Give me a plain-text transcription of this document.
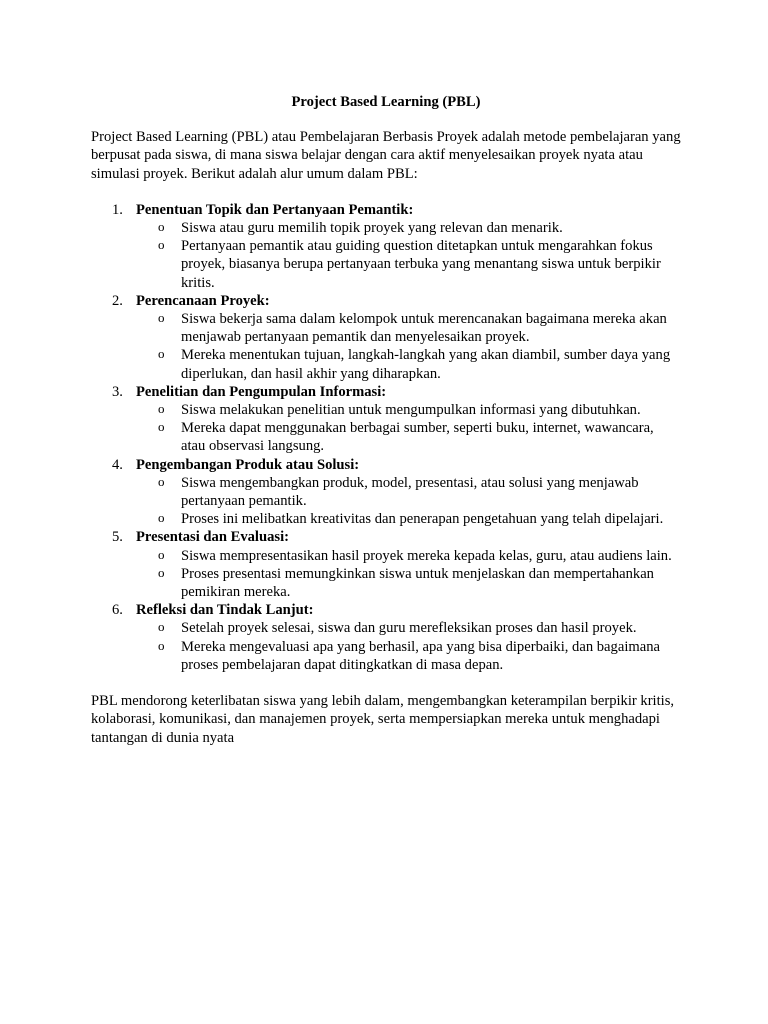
Project Based Learning (PBL)

Project Based Learning (PBL) atau Pembelajaran Berbasis Proyek adalah metode pembelajaran yang berpusat pada siswa, di mana siswa belajar dengan cara aktif menyelesaikan proyek nyata atau simulasi proyek. Berikut adalah alur umum dalam PBL:

1. Penentuan Topik dan Pertanyaan Pemantik:
o Siswa atau guru memilih topik proyek yang relevan dan menarik.
o Pertanyaan pemantik atau guiding question ditetapkan untuk mengarahkan fokus proyek, biasanya berupa pertanyaan terbuka yang menantang siswa untuk berpikir kritis.
2. Perencanaan Proyek:
o Siswa bekerja sama dalam kelompok untuk merencanakan bagaimana mereka akan menjawab pertanyaan pemantik dan menyelesaikan proyek.
o Mereka menentukan tujuan, langkah-langkah yang akan diambil, sumber daya yang diperlukan, dan hasil akhir yang diharapkan.
3. Penelitian dan Pengumpulan Informasi:
o Siswa melakukan penelitian untuk mengumpulkan informasi yang dibutuhkan.
o Mereka dapat menggunakan berbagai sumber, seperti buku, internet, wawancara, atau observasi langsung.
4. Pengembangan Produk atau Solusi:
o Siswa mengembangkan produk, model, presentasi, atau solusi yang menjawab pertanyaan pemantik.
o Proses ini melibatkan kreativitas dan penerapan pengetahuan yang telah dipelajari.
5. Presentasi dan Evaluasi:
o Siswa mempresentasikan hasil proyek mereka kepada kelas, guru, atau audiens lain.
o Proses presentasi memungkinkan siswa untuk menjelaskan dan mempertahankan pemikiran mereka.
6. Refleksi dan Tindak Lanjut:
o Setelah proyek selesai, siswa dan guru merefleksikan proses dan hasil proyek.
o Mereka mengevaluasi apa yang berhasil, apa yang bisa diperbaiki, dan bagaimana proses pembelajaran dapat ditingkatkan di masa depan.

PBL mendorong keterlibatan siswa yang lebih dalam, mengembangkan keterampilan berpikir kritis, kolaborasi, komunikasi, dan manajemen proyek, serta mempersiapkan mereka untuk menghadapi tantangan di dunia nyata
